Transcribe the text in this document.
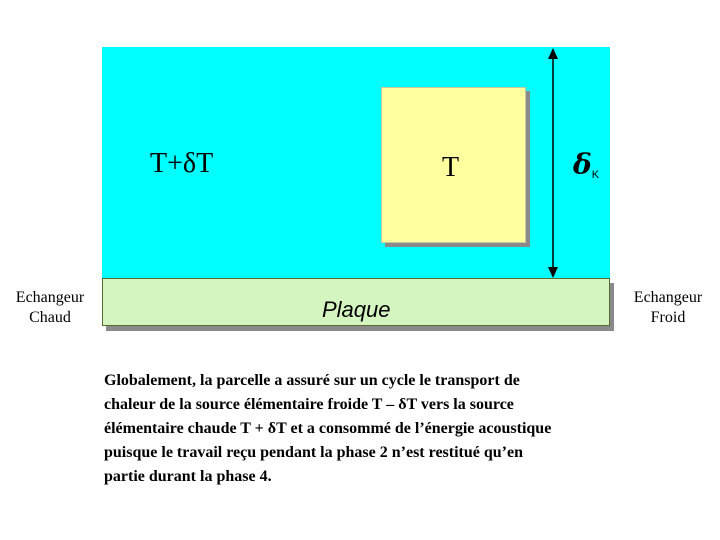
T+δT	T	$\delta_K$
Plaque
Echangeur
Chaud
Echangeur
Froid
Globalement, la parcelle a assuré sur un cycle le transport de
chaleur de la source élémentaire froide T – δT vers la source
élémentaire chaude T + δT et a consommé de l’énergie acoustique
puisque le travail reçu pendant la phase 2 n’est restitué qu’en
partie durant la phase 4.
